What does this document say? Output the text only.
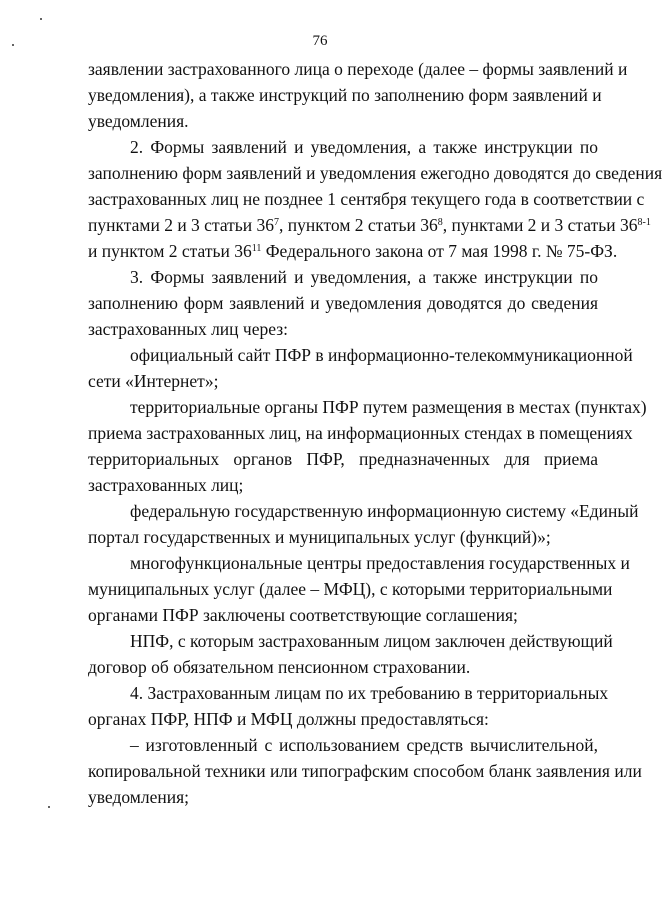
76
заявлении застрахованного лица о переходе (далее – формы заявлений и
уведомления), а также инструкций по заполнению форм заявлений и
уведомления.
2. Формы заявлений и уведомления, а также инструкции по
заполнению форм заявлений и уведомления ежегодно доводятся до сведения
застрахованных лиц не позднее 1 сентября текущего года в соответствии с
пунктами 2 и 3 статьи $36^7$, пунктом 2 статьи $36^8$, пунктами 2 и 3 статьи 36$^{8-1}$
и пунктом 2 статьи $36^{11}$ Федерального закона от 7 мая 1998 г. № 75-ФЗ.
3. Формы заявлений и уведомления, а также инструкции по
заполнению форм заявлений и уведомления доводятся до сведения
застрахованных лиц через:
официальный сайт ПФР в информационно-телекоммуникационной
сети «Интернет»;
территориальные органы ПФР путем размещения в местах (пунктах)
приема застрахованных лиц, на информационных стендах в помещениях
территориальных органов ПФР, предназначенных для приема
застрахованных лиц;
федеральную государственную информационную систему «Единый
портал государственных и муниципальных услуг (функций)»;
многофункциональные центры предоставления государственных и
муниципальных услуг (далее – МФЦ), с которыми территориальными
органами ПФР заключены соответствующие соглашения;
НПФ, с которым застрахованным лицом заключен действующий
договор об обязательном пенсионном страховании.
4. Застрахованным лицам по их требованию в территориальных
органах ПФР, НПФ и МФЦ должны предоставляться:
– изготовленный с использованием средств вычислительной,
копировальной техники или типографским способом бланк заявления или
уведомления;
